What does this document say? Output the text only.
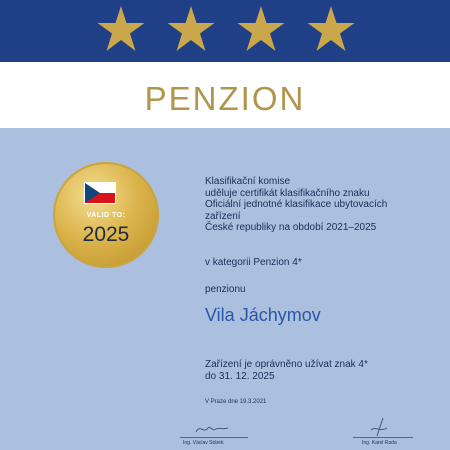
PENZION
VALID TO:
2025
Klasifikační komise
uděluje certifikát klasifikačního znaku
Oficiální jednotné klasifikace ubytovacích
zařízení
České republiky na období 2021–2025
v kategorii Penzion 4*
penzionu
Vila Jáchymov
Zařízení je oprávněno užívat znak 4*
do 31. 12. 2025
V Praze dne 19.3.2021
Ing. Václav Stárek	Ing. Karel Rada
